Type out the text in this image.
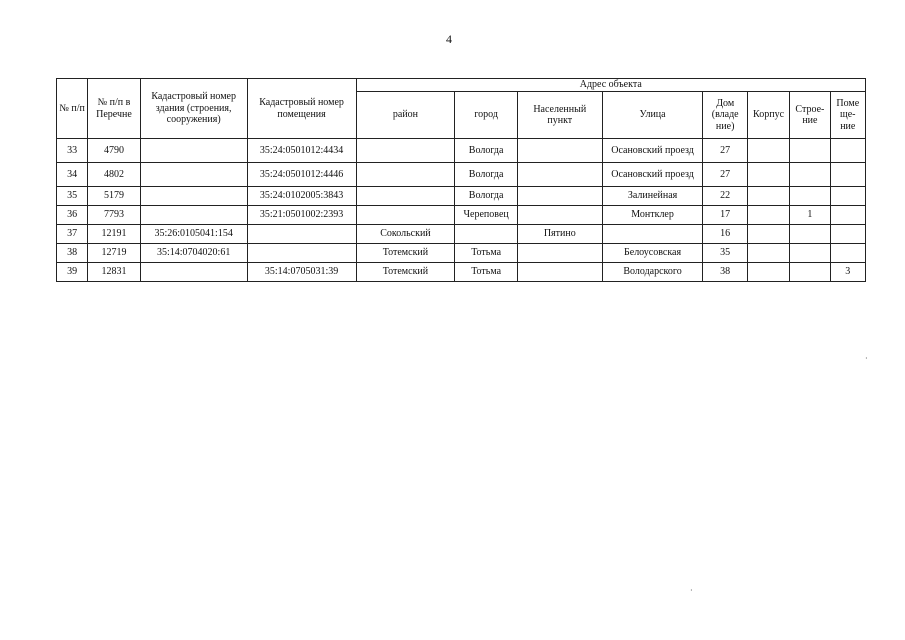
4
№ п/п	№ п/п в Перечне	Кадастровый номер здания (строения, сооружения)	Кадастровый номер помещения	Адрес объекта							
				район	город	Населенный пункт	Улица	Дом (владе ние)	Корпус	Строе- ние	Поме ще- ние
33	4790		35:24:0501012:4434		Вологда		Осановский проезд	27			
34	4802		35:24:0501012:4446		Вологда		Осановский проезд	27			
35	5179		35:24:0102005:3843		Вологда		Залинейная	22			
36	7793		35:21:0501002:2393		Череповец		Монтклер	17		1	
37	12191	35:26:0105041:154		Сокольский		Пятино		16			
38	12719	35:14:0704020:61		Тотемский	Тотьма		Белоусовская	35			
39	12831		35:14:0705031:39	Тотемский	Тотьма		Володарского	38			3
·
·
